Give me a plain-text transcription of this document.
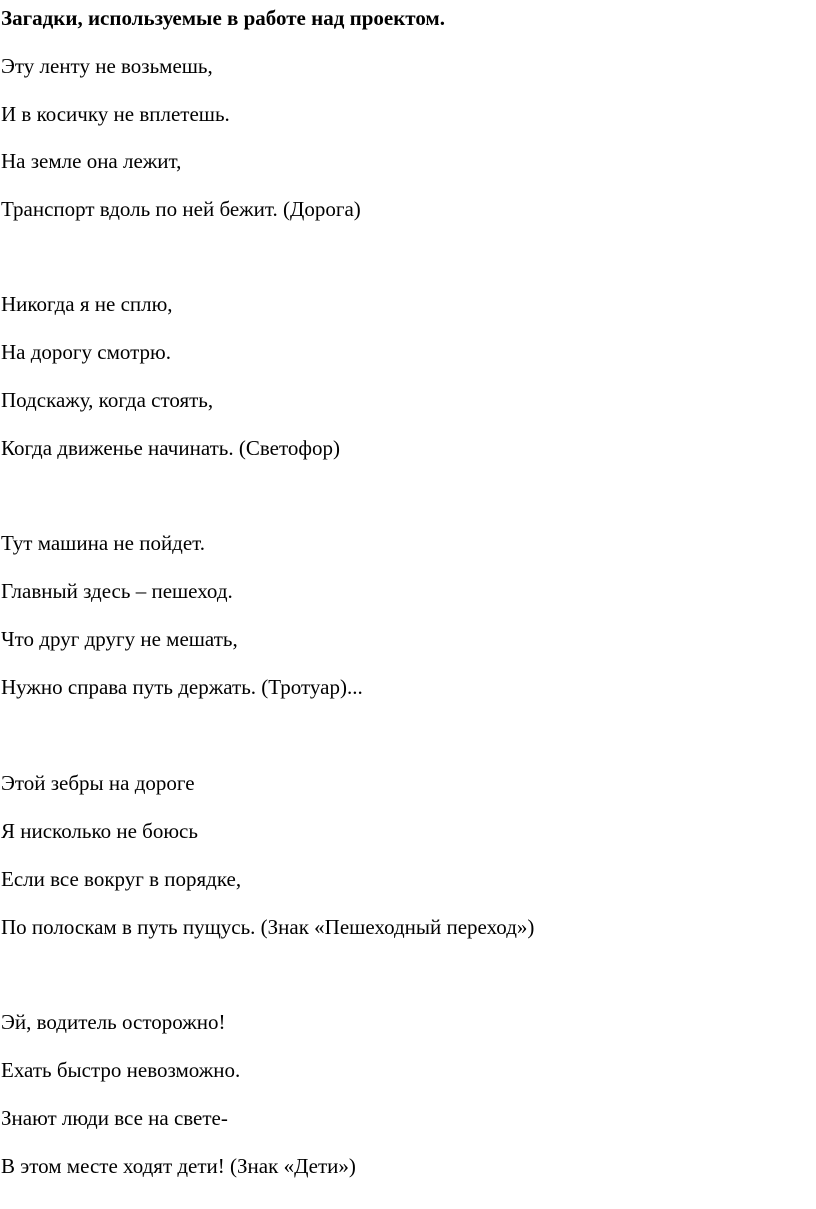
Загадки, используемые в работе над проектом.
Эту ленту не возьмешь,
И в косичку не вплетешь.
На земле она лежит,
Транспорт вдоль по ней бежит. (Дорога)
Никогда я не сплю,
На дорогу смотрю.
Подскажу, когда стоять,
Когда движенье начинать. (Светофор)
Тут машина не пойдет.
Главный здесь – пешеход.
Что друг другу не мешать,
Нужно справа путь держать. (Тротуар)...
Этой зебры на дороге
Я нисколько не боюсь
Если все вокруг в порядке,
По полоскам в путь пущусь. (Знак «Пешеходный переход»)
Эй, водитель осторожно!
Ехать быстро невозможно.
Знают люди все на свете-
В этом месте ходят дети! (Знак «Дети»)
